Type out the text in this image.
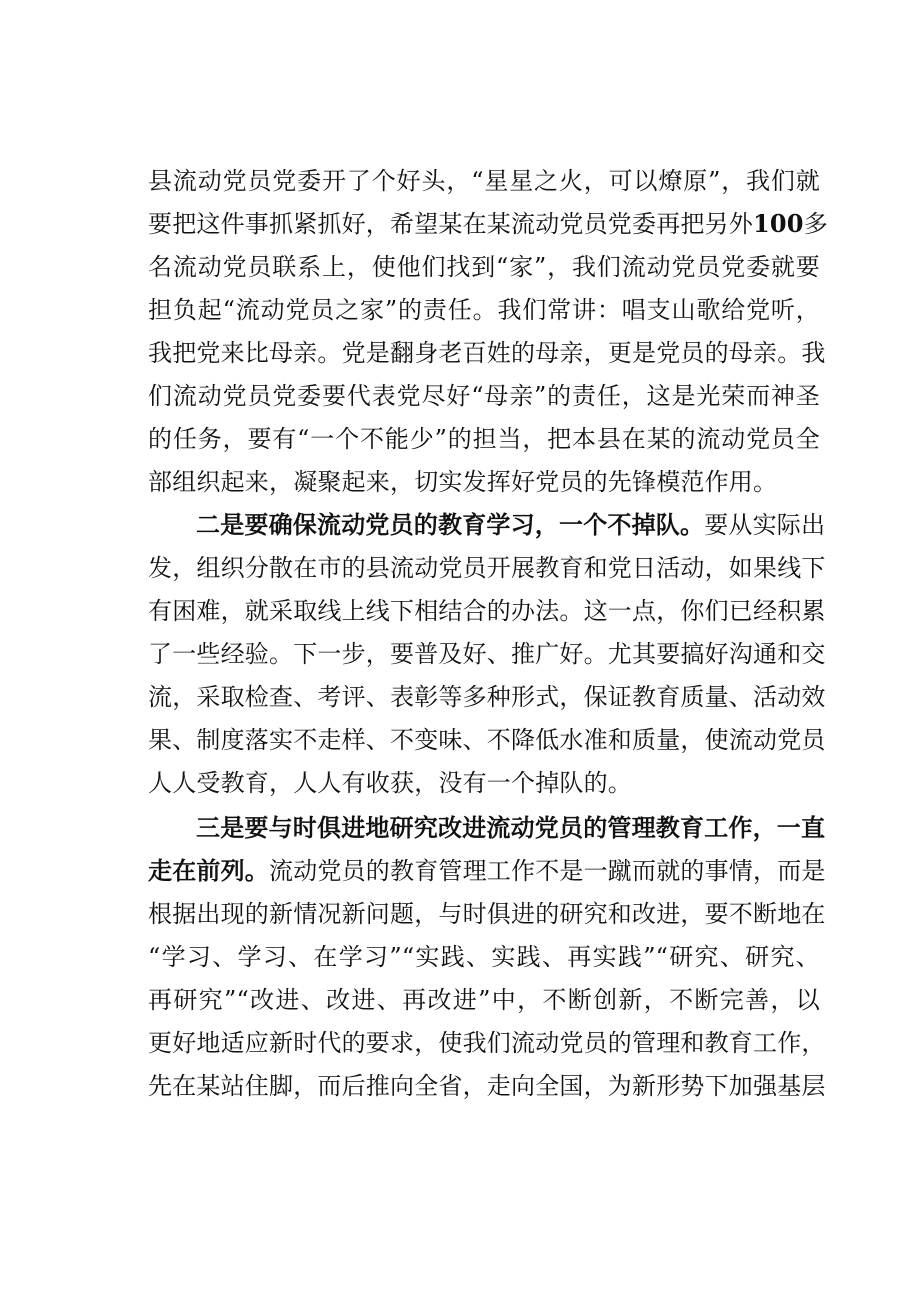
县流动党员党委开了个好头，“星星之火，可以燎原”，我们就
要把这件事抓紧抓好，希望某在某流动党员党委再把另外100多
名流动党员联系上，使他们找到“家”，我们流动党员党委就要
担负起“流动党员之家”的责任。我们常讲：唱支山歌给党听，
我把党来比母亲。党是翻身老百姓的母亲，更是党员的母亲。我
们流动党员党委要代表党尽好“母亲”的责任，这是光荣而神圣
的任务，要有“一个不能少”的担当，把本县在某的流动党员全
部组织起来，凝聚起来，切实发挥好党员的先锋模范作用。
二是要确保流动党员的教育学习，一个不掉队。要从实际出
发，组织分散在市的县流动党员开展教育和党日活动，如果线下
有困难，就采取线上线下相结合的办法。这一点，你们已经积累
了一些经验。下一步，要普及好、推广好。尤其要搞好沟通和交
流，采取检查、考评、表彰等多种形式，保证教育质量、活动效
果、制度落实不走样、不变味、不降低水准和质量，使流动党员
人人受教育，人人有收获，没有一个掉队的。
三是要与时俱进地研究改进流动党员的管理教育工作，一直
走在前列。流动党员的教育管理工作不是一蹴而就的事情，而是
根据出现的新情况新问题，与时俱进的研究和改进，要不断地在
“学习、学习、在学习”“实践、实践、再实践”“研究、研究、
再研究”“改进、改进、再改进”中，不断创新，不断完善，以
更好地适应新时代的要求，使我们流动党员的管理和教育工作，
先在某站住脚，而后推向全省，走向全国，为新形势下加强基层
